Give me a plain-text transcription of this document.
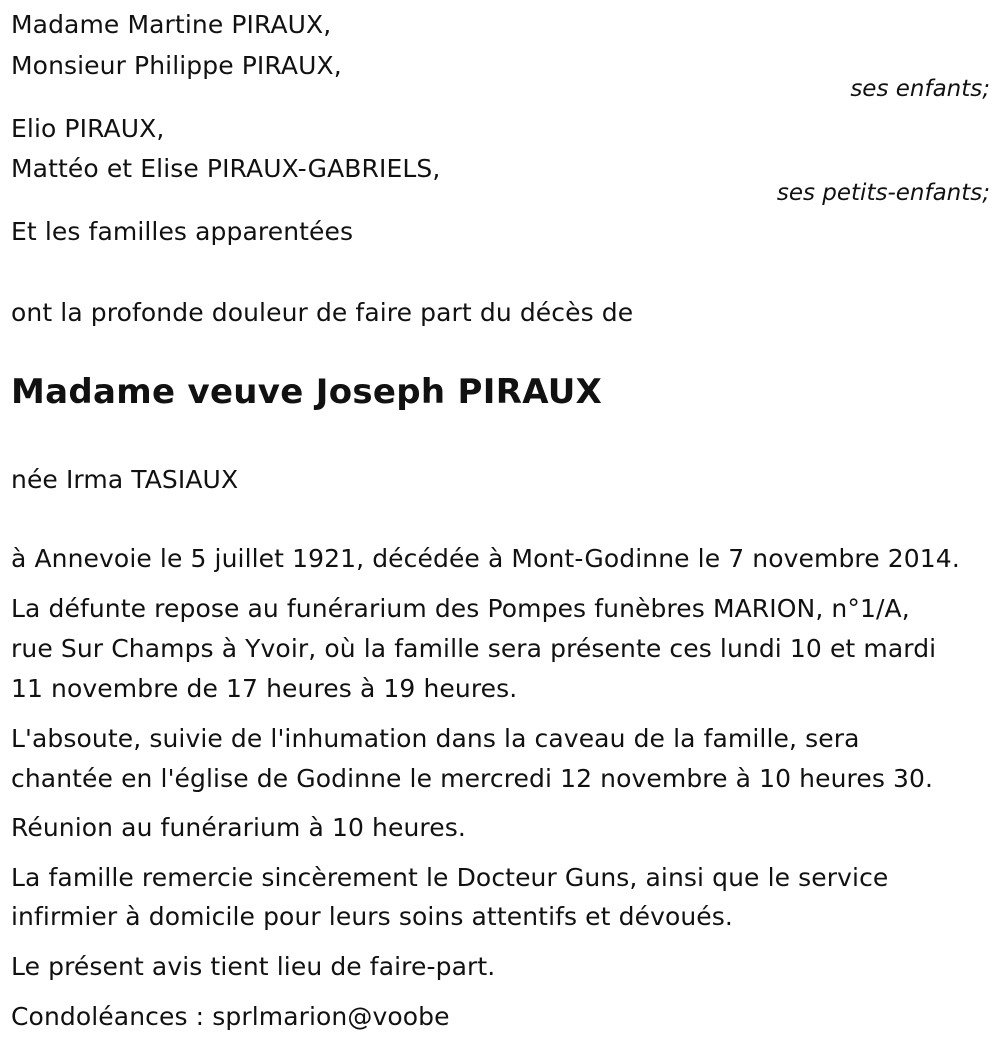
Madame Martine PIRAUX,
Monsieur Philippe PIRAUX,
ses enfants;
Elio PIRAUX,
Mattéo et Elise PIRAUX-GABRIELS,
ses petits-enfants;
Et les familles apparentées
ont la profonde douleur de faire part du décès de
Madame veuve Joseph PIRAUX
née Irma TASIAUX
à Annevoie le 5 juillet 1921, décédée à Mont-Godinne le 7 novembre 2014.
La défunte repose au funérarium des Pompes funèbres MARION, n°1/A,
rue Sur Champs à Yvoir, où la famille sera présente ces lundi 10 et mardi
11 novembre de 17 heures à 19 heures.
L'absoute, suivie de l'inhumation dans la caveau de la famille, sera
chantée en l'église de Godinne le mercredi 12 novembre à 10 heures 30.
Réunion au funérarium à 10 heures.
La famille remercie sincèrement le Docteur Guns, ainsi que le service
infirmier à domicile pour leurs soins attentifs et dévoués.
Le présent avis tient lieu de faire-part.
Condoléances : sprlmarion@voobe
